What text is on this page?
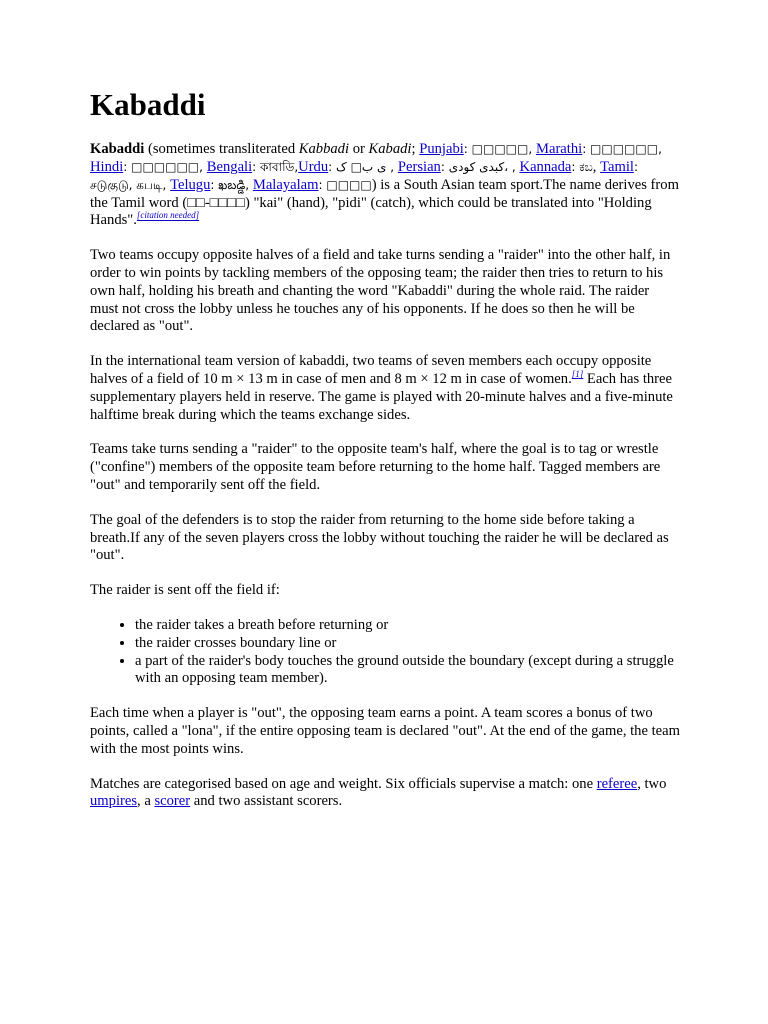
Kabaddi

Kabaddi (sometimes transliterated Kabbadi or Kabadi; Punjabi: □□□□□, Marathi: □□□□□□, Hindi: □□□□□□, Bengali: কাবাডি,Urdu: ی ب□ ک , Persian: کبدی کودی، , Kannada: ಕಬ, Tamil: சடுகுடு, கபடி, Telugu: ఖబడ్డి, Malayalam: □□□□) is a South Asian team sport.The name derives from the Tamil word (□□-□□□□) "kai" (hand), "pidi" (catch), which could be translated into "Holding Hands".[citation needed]

Two teams occupy opposite halves of a field and take turns sending a "raider" into the other half, in order to win points by tackling members of the opposing team; the raider then tries to return to his own half, holding his breath and chanting the word "Kabaddi" during the whole raid. The raider must not cross the lobby unless he touches any of his opponents. If he does so then he will be declared as "out".

In the international team version of kabaddi, two teams of seven members each occupy opposite halves of a field of 10 m × 13 m in case of men and 8 m × 12 m in case of women.[1] Each has three supplementary players held in reserve. The game is played with 20-minute halves and a five-minute halftime break during which the teams exchange sides.

Teams take turns sending a "raider" to the opposite team's half, where the goal is to tag or wrestle ("confine") members of the opposite team before returning to the home half. Tagged members are "out" and temporarily sent off the field.

The goal of the defenders is to stop the raider from returning to the home side before taking a breath.If any of the seven players cross the lobby without touching the raider he will be declared as "out".

The raider is sent off the field if:

• the raider takes a breath before returning or
• the raider crosses boundary line or
• a part of the raider's body touches the ground outside the boundary (except during a struggle with an opposing team member).

Each time when a player is "out", the opposing team earns a point. A team scores a bonus of two points, called a "lona", if the entire opposing team is declared "out". At the end of the game, the team with the most points wins.

Matches are categorised based on age and weight. Six officials supervise a match: one referee, two umpires, a scorer and two assistant scorers.
